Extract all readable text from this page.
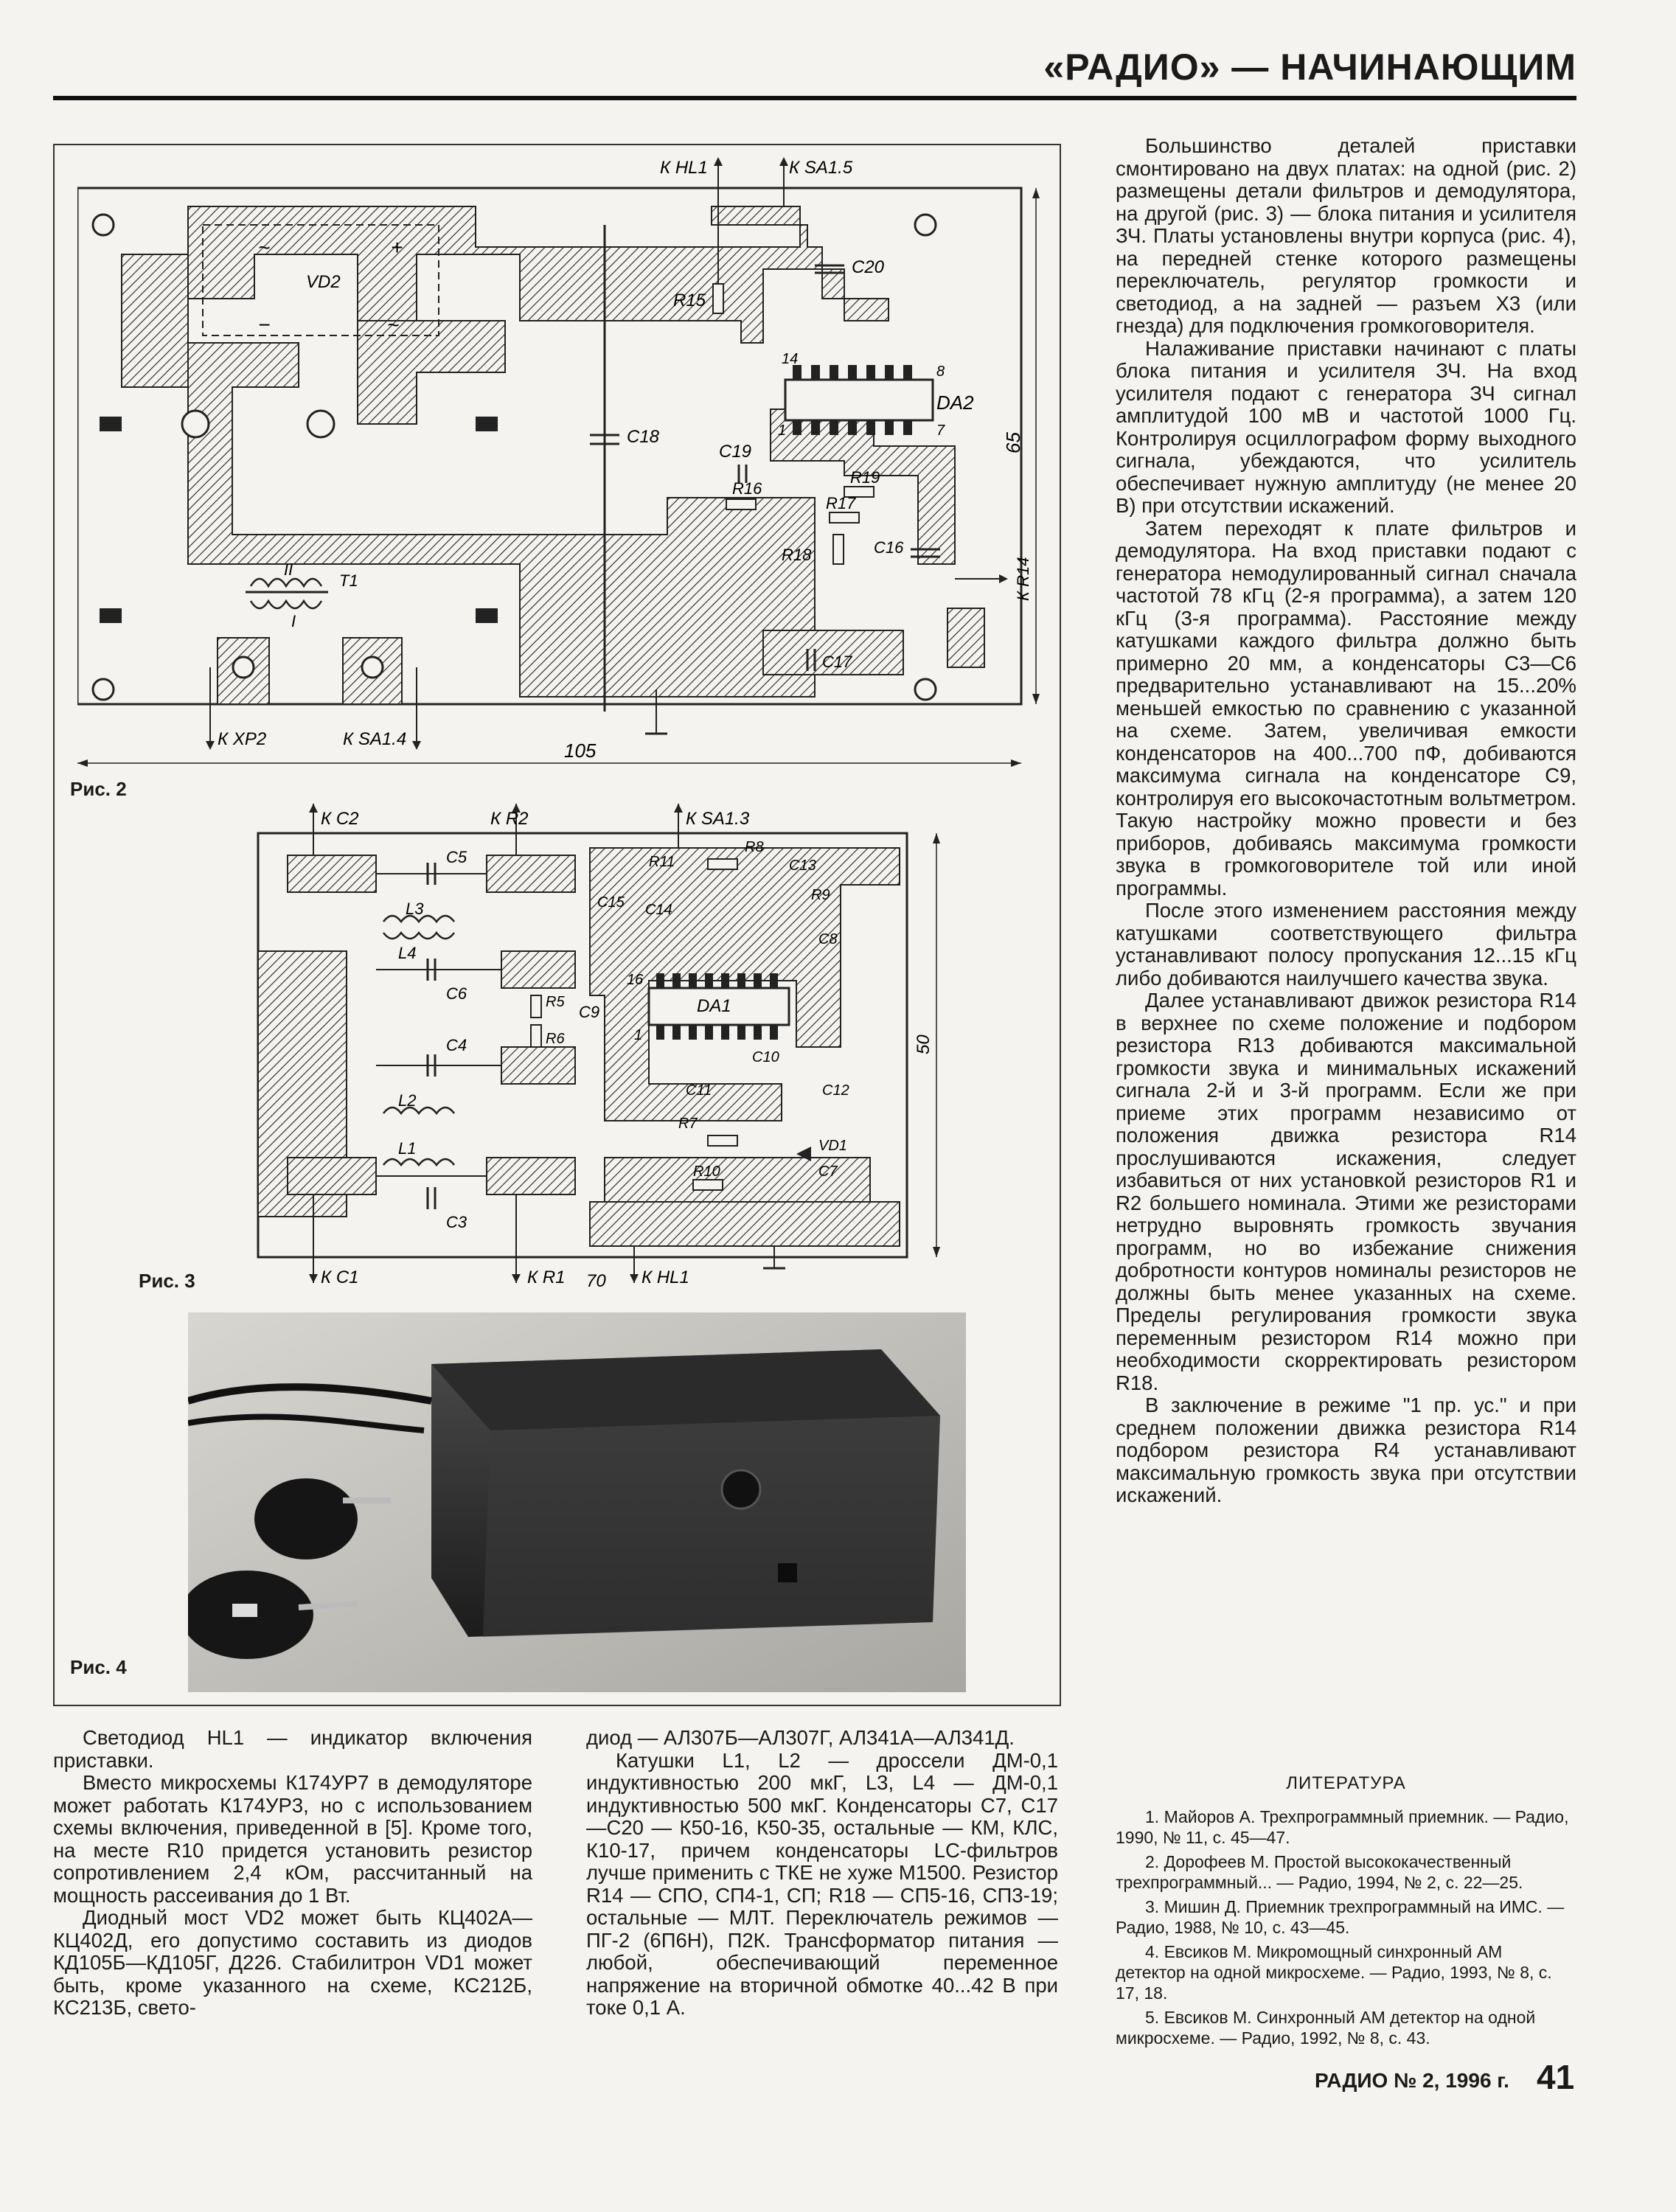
«РАДИО» — НАЧИНАЮЩИМ
К HL1	К SA1.5
VD2
~	+
−	~
C18
R15
C20
C19
R16
DA2
14
8
1	7
R19
R17
R18	C16
C17
T1
II
I
К XP2	К SA1.4
К R14
105
65
Рис. 2
К С2	К R2	К SA1.3
C5
L3
L4
C6
C4
L2
L1
C3
R5
R6
C9
R11
R8
C13
R9
C15 C14
C8
16
DA1
1
C10
C11	C12
R7
VD1
R10	C7
К С1	К R1 70 К HL1
50
Рис. 3
Рис. 4

Большинство деталей приставки смонтировано на двух платах: на одной (рис. 2) размещены детали фильтров и демодулятора, на другой (рис. 3) — блока питания и усилителя ЗЧ. Платы установлены внутри корпуса (рис. 4), на передней стенке которого размещены переключатель, регулятор громкости и светодиод, а на задней — разъем Х3 (или гнезда) для подключения громкоговорителя.

Налаживание приставки начинают с платы блока питания и усилителя ЗЧ. На вход усилителя подают с генератора ЗЧ сигнал амплитудой 100 мВ и частотой 1000 Гц. Контролируя осциллографом форму выходного сигнала, убеждаются, что усилитель обеспечивает нужную амплитуду (не менее 20 В) при отсутствии искажений.

Затем переходят к плате фильтров и демодулятора. На вход приставки подают с генератора немодулированный сигнал сначала частотой 78 кГц (2-я программа), а затем 120 кГц (3-я программа). Расстояние между катушками каждого фильтра должно быть примерно 20 мм, а конденсаторы С3—С6 предварительно устанавливают на 15...20% меньшей емкостью по сравнению с указанной на схеме. Затем, увеличивая емкости конденсаторов на 400...700 пФ, добиваются максимума сигнала на конденсаторе С9, контролируя его высокочастотным вольтметром. Такую настройку можно провести и без приборов, добиваясь максимума громкости звука в громкоговорителе той или иной программы.

После этого изменением расстояния между катушками соответствующего фильтра устанавливают полосу пропускания 12...15 кГц либо добиваются наилучшего качества звука.

Далее устанавливают движок резистора R14 в верхнее по схеме положение и подбором резистора R13 добиваются максимальной громкости звука и минимальных искажений сигнала 2-й и 3-й программ. Если же при приеме этих программ независимо от положения движка резистора R14 прослушиваются искажения, следует избавиться от них установкой резисторов R1 и R2 большего номинала. Этими же резисторами нетрудно выровнять громкость звучания программ, но во избежание снижения добротности контуров номиналы резисторов не должны быть менее указанных на схеме. Пределы регулирования громкости звука переменным резистором R14 можно при необходимости скорректировать резистором R18.

В заключение в режиме "1 пр. ус." и при среднем положении движка резистора R14 подбором резистора R4 устанавливают максимальную громкость звука при отсутствии искажений.

Светодиод HL1 — индикатор включения приставки.

Вместо микросхемы К174УР7 в демодуляторе может работать К174УР3, но с использованием схемы включения, приведенной в [5]. Кроме того, на месте R10 придется установить резистор сопротивлением 2,4 кОм, рассчитанный на мощность рассеивания до 1 Вт.

Диодный мост VD2 может быть КЦ402А—КЦ402Д, его допустимо составить из диодов КД105Б—КД105Г, Д226. Стабилитрон VD1 может быть, кроме указанного на схеме, КС212Б, КС213Б, свето-

диод — АЛ307Б—АЛ307Г, АЛ341А—АЛ341Д.

Катушки L1, L2 — дроссели ДМ-0,1 индуктивностью 200 мкГ, L3, L4 — ДМ-0,1 индуктивностью 500 мкГ. Конденсаторы С7, С17—С20 — К50-16, К50-35, остальные — КМ, КЛС, К10-17, причем конденсаторы LC-фильтров лучше применить с ТКЕ не хуже М1500. Резистор R14 — СПО, СП4-1, СП; R18 — СП5-16, СП3-19; остальные — МЛТ. Переключатель режимов — ПГ-2 (6П6Н), П2К. Трансформатор питания — любой, обеспечивающий переменное напряжение на вторичной обмотке 40...42 В при токе 0,1 А.

ЛИТЕРАТУРА
1. Майоров А. Трехпрограммный приемник. — Радио, 1990, № 11, с. 45—47.
2. Дорофеев М. Простой высококачественный трехпрограммный... — Радио, 1994, № 2, с. 22—25.
3. Мишин Д. Приемник трехпрограммный на ИМС. — Радио, 1988, № 10, с. 43—45.
4. Евсиков М. Микромощный синхронный АМ детектор на одной микросхеме. — Радио, 1993, № 8, с. 17, 18.
5. Евсиков М. Синхронный АМ детектор на одной микросхеме. — Радио, 1992, № 8, с. 43.
РАДИО № 2, 1996 г. 41
